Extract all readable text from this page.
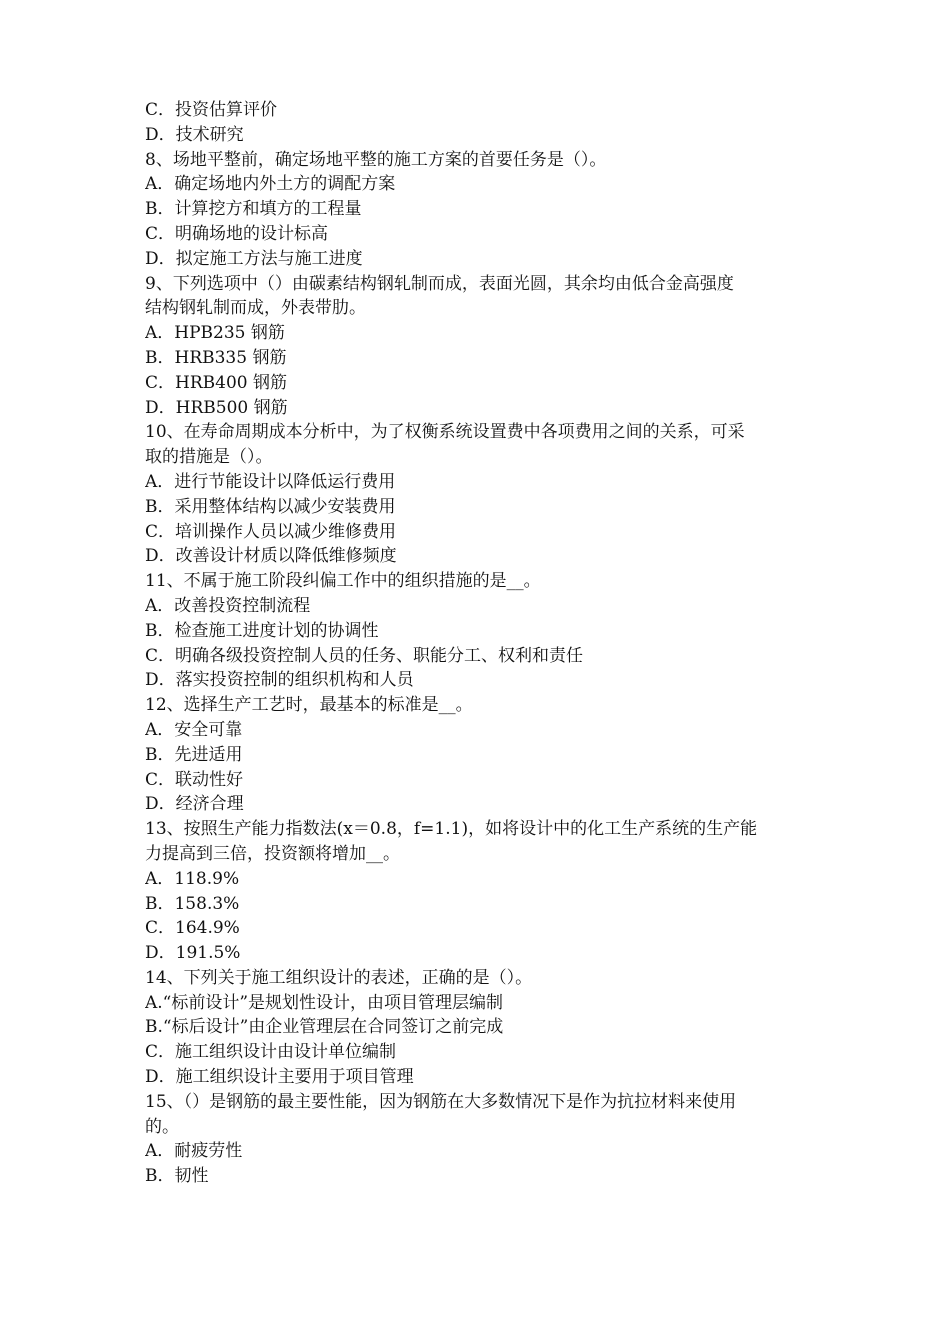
C．投资估算评价
D．技术研究
8、场地平整前，确定场地平整的施工方案的首要任务是（）。
A．确定场地内外土方的调配方案
B．计算挖方和填方的工程量
C．明确场地的设计标高
D．拟定施工方法与施工进度
9、下列选项中（）由碳素结构钢轧制而成，表面光圆，其余均由低合金高强度
结构钢轧制而成，外表带肋。
A．HPB235 钢筋
B．HRB335 钢筋
C．HRB400 钢筋
D．HRB500 钢筋
10、在寿命周期成本分析中，为了权衡系统设置费中各项费用之间的关系，可采
取的措施是（）。
A．进行节能设计以降低运行费用
B．采用整体结构以减少安装费用
C．培训操作人员以减少维修费用
D．改善设计材质以降低维修频度
11、不属于施工阶段纠偏工作中的组织措施的是__。
A．改善投资控制流程
B．检查施工进度计划的协调性
C．明确各级投资控制人员的任务、职能分工、权利和责任
D．落实投资控制的组织机构和人员
12、选择生产工艺时，最基本的标准是__。
A．安全可靠
B．先进适用
C．联动性好
D．经济合理
13、按照生产能力指数法(x＝0.8，f=1.1)，如将设计中的化工生产系统的生产能
力提高到三倍，投资额将增加__。
A．118.9%
B．158.3%
C．164.9%
D．191.5%
14、下列关于施工组织设计的表述，正确的是（）。
A.“标前设计”是规划性设计，由项目管理层编制
B.“标后设计”由企业管理层在合同签订之前完成
C．施工组织设计由设计单位编制
D．施工组织设计主要用于项目管理
15、（）是钢筋的最主要性能，因为钢筋在大多数情况下是作为抗拉材料来使用
的。
A．耐疲劳性
B．韧性
